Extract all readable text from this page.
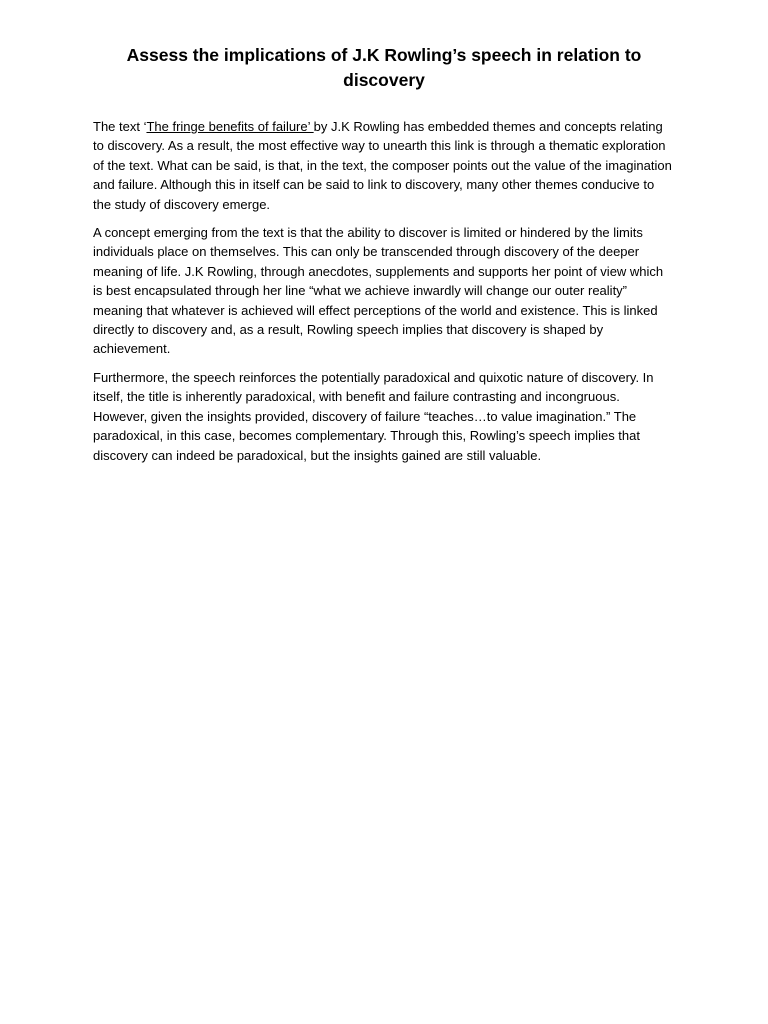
Assess the implications of J.K Rowling’s speech in relation to
discovery

The text ‘The fringe benefits of failure’ by J.K Rowling has embedded themes and concepts relating to discovery. As a result, the most effective way to unearth this link is through a thematic exploration of the text. What can be said, is that, in the text, the composer points out the value of the imagination and failure. Although this in itself can be said to link to discovery, many other themes conducive to the study of discovery emerge.

A concept emerging from the text is that the ability to discover is limited or hindered by the limits individuals place on themselves. This can only be transcended through discovery of the deeper meaning of life. J.K Rowling, through anecdotes, supplements and supports her point of view which is best encapsulated through her line “what we achieve inwardly will change our outer reality” meaning that whatever is achieved will effect perceptions of the world and existence. This is linked directly to discovery and, as a result, Rowling speech implies that discovery is shaped by achievement.

Furthermore, the speech reinforces the potentially paradoxical and quixotic nature of discovery. In itself, the title is inherently paradoxical, with benefit and failure contrasting and incongruous. However, given the insights provided, discovery of failure “teaches…to value imagination.” The paradoxical, in this case, becomes complementary. Through this, Rowling’s speech implies that discovery can indeed be paradoxical, but the insights gained are still valuable.
